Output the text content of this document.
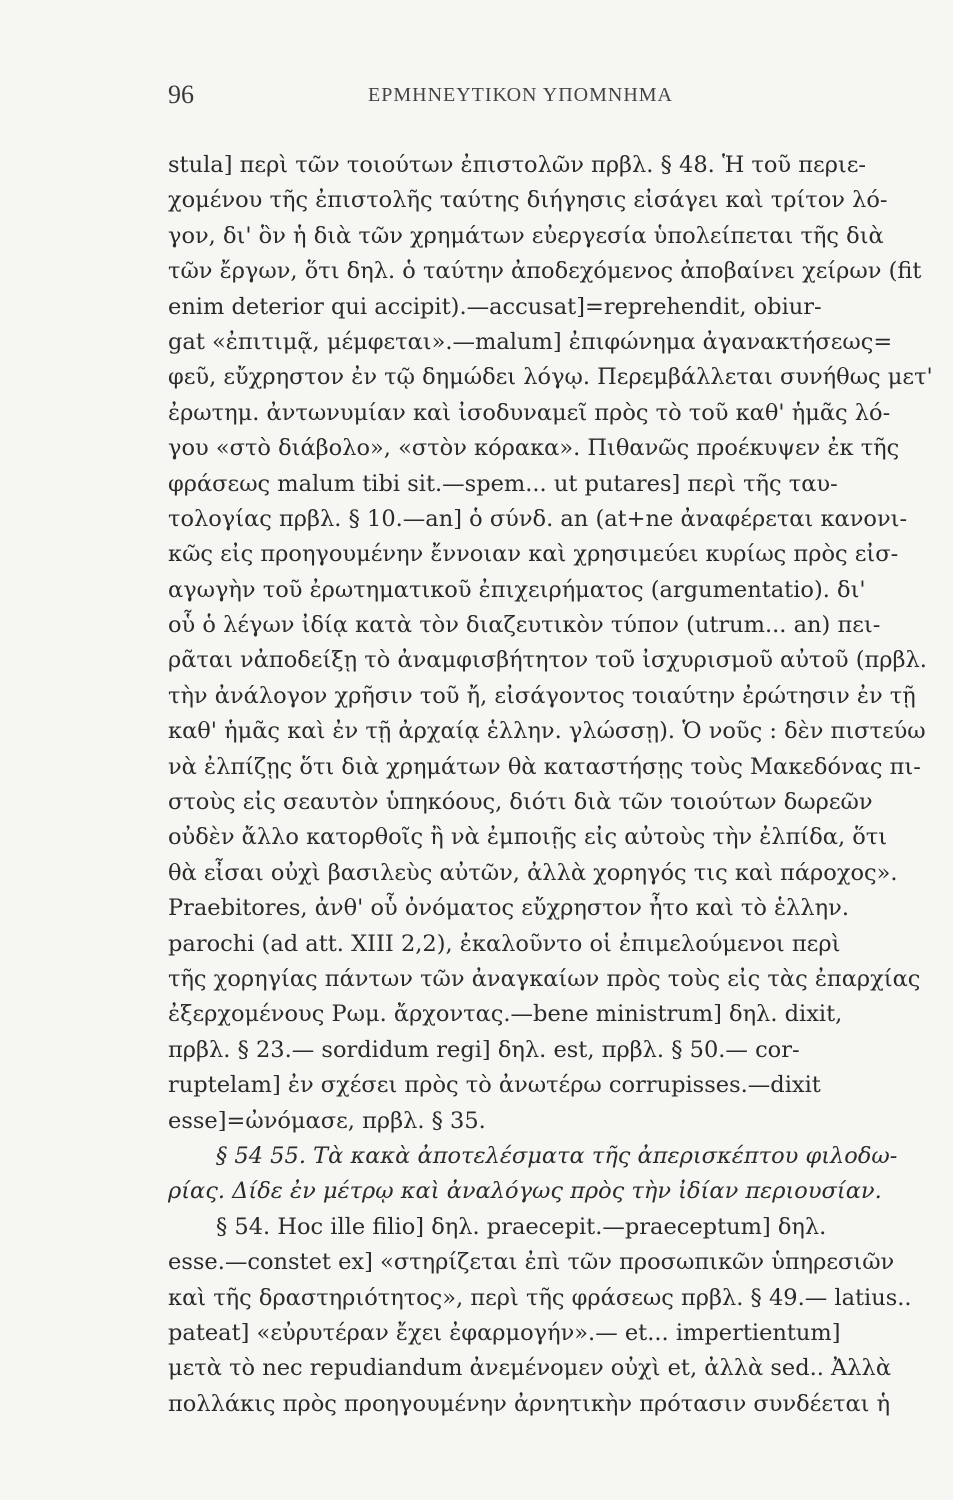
96	ΕΡΜΗΝΕΥΤΙΚΟΝ ΥΠΟΜΝΗΜΑ
stula] περὶ τῶν τοιούτων ἐπιστολῶν πρβλ. § 48. Ἡ τοῦ περιε-
χομένου τῆς ἐπιστολῆς ταύτης διήγησις εἰσάγει καὶ τρίτον λό-
γον, δι' ὃν ἡ διὰ τῶν χρημάτων εὐεργεσία ὑπολείπεται τῆς διὰ
τῶν ἔργων, ὅτι δηλ. ὁ ταύτην ἀποδεχόμενος ἀποβαίνει χείρων (fit
enim deterior qui accipit).—accusat]=reprehendit, obiur-
gat «ἐπιτιμᾷ, μέμφεται».—malum] ἐπιφώνημα ἀγανακτήσεως=
φεῦ, εὔχρηστον ἐν τῷ δημώδει λόγῳ. Περεμβάλλεται συνήθως μετ'
ἐρωτημ. ἀντωνυμίαν καὶ ἰσοδυναμεῖ πρὸς τὸ τοῦ καθ' ἡμᾶς λό-
γου «στὸ διάβολο», «στὸν κόρακα». Πιθανῶς προέκυψεν ἐκ τῆς
φράσεως malum tibi sit.—spem... ut putares] περὶ τῆς ταυ-
τολογίας πρβλ. § 10.—an] ὁ σύνδ. an (at+ne ἀναφέρεται κανονι-
κῶς εἰς προηγουμένην ἔννοιαν καὶ χρησιμεύει κυρίως πρὸς εἰσ-
αγωγὴν τοῦ ἐρωτηματικοῦ ἐπιχειρήματος (argumentatio). δι'
οὗ ὁ λέγων ἰδίᾳ κατὰ τὸν διαζευτικὸν τύπον (utrum... an) πει-
ρᾶται νἀποδείξῃ τὸ ἀναμφισβήτητον τοῦ ἰσχυρισμοῦ αὐτοῦ (πρβλ.
τὴν ἀνάλογον χρῆσιν τοῦ ἤ, εἰσάγοντος τοιαύτην ἐρώτησιν ἐν τῇ
καθ' ἡμᾶς καὶ ἐν τῇ ἀρχαίᾳ ἑλλην. γλώσσῃ). Ὁ νοῦς : δὲν πιστεύω
νὰ ἐλπίζῃς ὅτι διὰ χρημάτων θὰ καταστήσῃς τοὺς Μακεδόνας πι-
στοὺς εἰς σεαυτὸν ὑπηκόους, διότι διὰ τῶν τοιούτων δωρεῶν
οὐδὲν ἄλλο κατορθοῖς ἢ νὰ ἐμποιῇς εἰς αὐτοὺς τὴν ἐλπίδα, ὅτι
θὰ εἶσαι οὐχὶ βασιλεὺς αὐτῶν, ἀλλὰ χορηγός τις καὶ πάροχος».
Praebitores, ἀνθ' οὗ ὀνόματος εὔχρηστον ἦτο καὶ τὸ ἑλλην.
parochi (ad att. XIII 2,2), ἐκαλοῦντο οἱ ἐπιμελούμενοι περὶ
τῆς χορηγίας πάντων τῶν ἀναγκαίων πρὸς τοὺς εἰς τὰς ἐπαρχίας
ἐξερχομένους Ρωμ. ἄρχοντας.—bene ministrum] δηλ. dixit,
πρβλ. § 23.— sordidum regi] δηλ. est, πρβλ. § 50.— cor-
ruptelam] ἐν σχέσει πρὸς τὸ ἀνωτέρω corrupisses.—dixit
esse]=ὠνόμασε, πρβλ. § 35.
§ 54 55. Τὰ κακὰ ἀποτελέσματα τῆς ἀπερισκέπτου φιλοδω-
ρίας. Δίδε ἐν μέτρῳ καὶ ἀναλόγως πρὸς τὴν ἰδίαν περιουσίαν.
§ 54. Hoc ille filio] δηλ. praecepit.—praeceptum] δηλ.
esse.—constet ex] «στηρίζεται ἐπὶ τῶν προσωπικῶν ὑπηρεσιῶν
καὶ τῆς δραστηριότητος», περὶ τῆς φράσεως πρβλ. § 49.— latius..
pateat] «εὐρυτέραν ἔχει ἐφαρμογήν».— et... impertientum]
μετὰ τὸ nec repudiandum ἀνεμένομεν οὐχὶ et, ἀλλὰ sed.. Ἀλλὰ
πολλάκις πρὸς προηγουμένην ἀρνητικὴν πρότασιν συνδέεται ἡ
